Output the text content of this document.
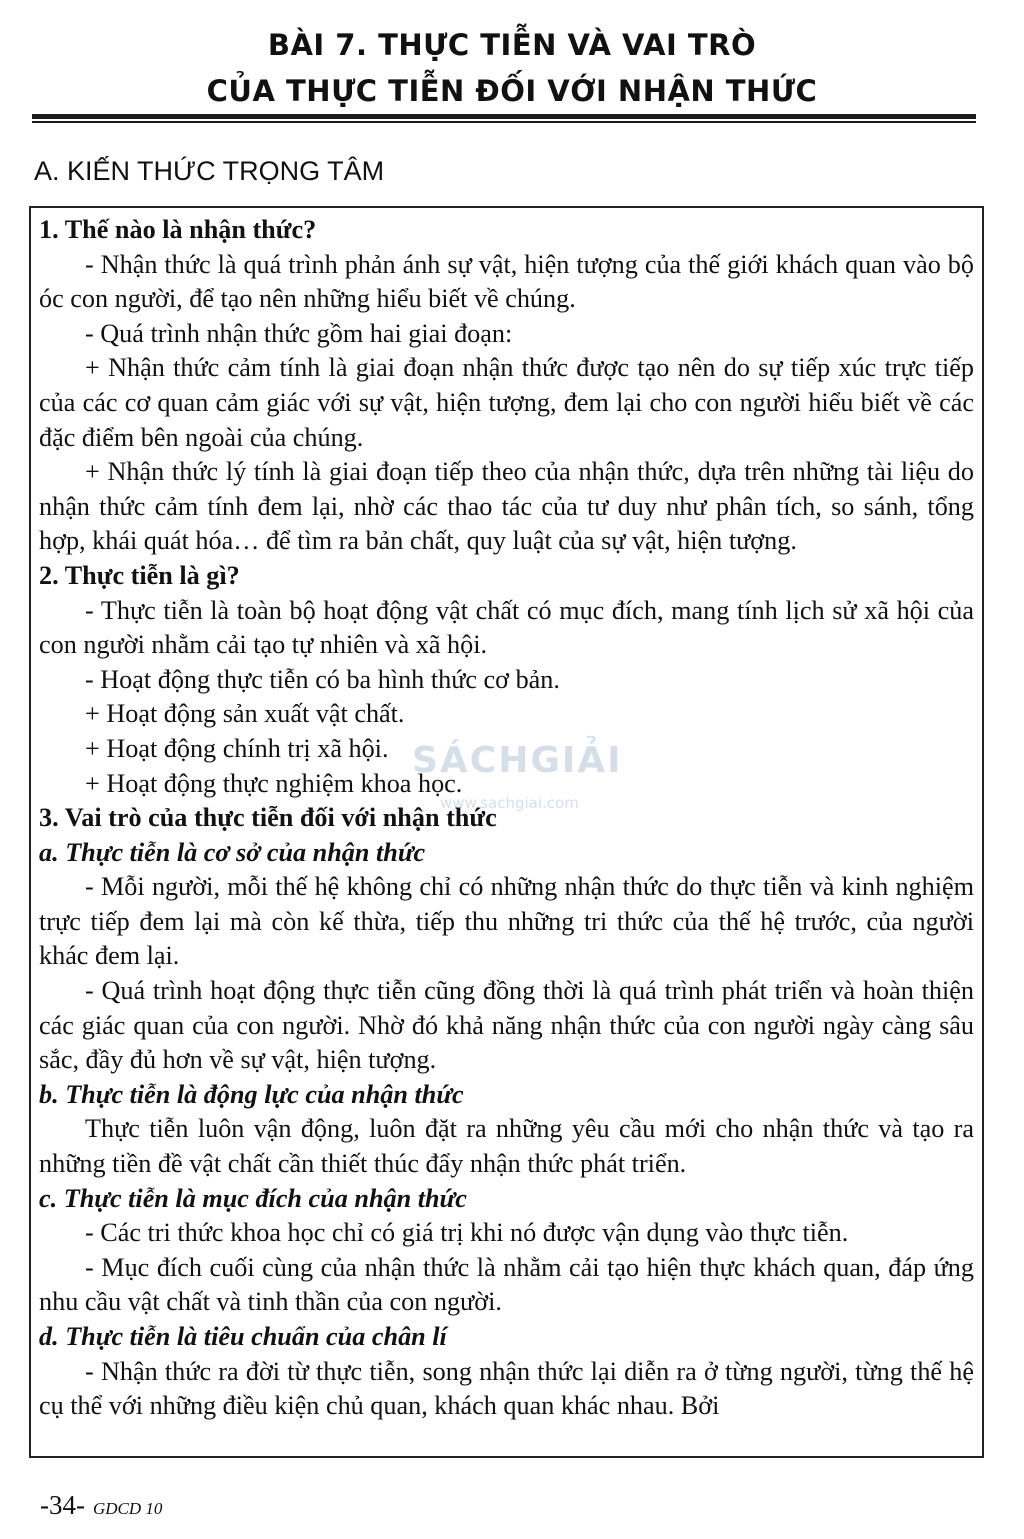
BÀI 7. THỰC TIỄN VÀ VAI TRÒ
CỦA THỰC TIỄN ĐỐI VỚI NHẬN THỨC
A. KIẾN THỨC TRỌNG TÂM

1. Thế nào là nhận thức?

- Nhận thức là quá trình phản ánh sự vật, hiện tượng của thế giới khách quan vào bộ óc con người, để tạo nên những hiểu biết về chúng.

- Quá trình nhận thức gồm hai giai đoạn:

+ Nhận thức cảm tính là giai đoạn nhận thức được tạo nên do sự tiếp xúc trực tiếp của các cơ quan cảm giác với sự vật, hiện tượng, đem lại cho con người hiểu biết về các đặc điểm bên ngoài của chúng.

+ Nhận thức lý tính là giai đoạn tiếp theo của nhận thức, dựa trên những tài liệu do nhận thức cảm tính đem lại, nhờ các thao tác của tư duy như phân tích, so sánh, tổng hợp, khái quát hóa… để tìm ra bản chất, quy luật của sự vật, hiện tượng.

2. Thực tiễn là gì?

- Thực tiễn là toàn bộ hoạt động vật chất có mục đích, mang tính lịch sử xã hội của con người nhằm cải tạo tự nhiên và xã hội.

- Hoạt động thực tiễn có ba hình thức cơ bản.

+ Hoạt động sản xuất vật chất.

+ Hoạt động chính trị xã hội.

+ Hoạt động thực nghiệm khoa học.

3. Vai trò của thực tiễn đối với nhận thức

a. Thực tiễn là cơ sở của nhận thức

- Mỗi người, mỗi thế hệ không chỉ có những nhận thức do thực tiễn và kinh nghiệm trực tiếp đem lại mà còn kế thừa, tiếp thu những tri thức của thế hệ trước, của người khác đem lại.

- Quá trình hoạt động thực tiễn cũng đồng thời là quá trình phát triển và hoàn thiện các giác quan của con người. Nhờ đó khả năng nhận thức của con người ngày càng sâu sắc, đầy đủ hơn về sự vật, hiện tượng.

b. Thực tiễn là động lực của nhận thức

Thực tiễn luôn vận động, luôn đặt ra những yêu cầu mới cho nhận thức và tạo ra những tiền đề vật chất cần thiết thúc đẩy nhận thức phát triển.

c. Thực tiễn là mục đích của nhận thức

- Các tri thức khoa học chỉ có giá trị khi nó được vận dụng vào thực tiễn.

- Mục đích cuối cùng của nhận thức là nhằm cải tạo hiện thực khách quan, đáp ứng nhu cầu vật chất và tinh thần của con người.

d. Thực tiễn là tiêu chuẩn của chân lí

- Nhận thức ra đời từ thực tiễn, song nhận thức lại diễn ra ở từng người, từng thế hệ cụ thể với những điều kiện chủ quan, khách quan khác nhau. Bởi

SÁCHGIẢI
www.sachgiai.com
-34- GDCD 10
